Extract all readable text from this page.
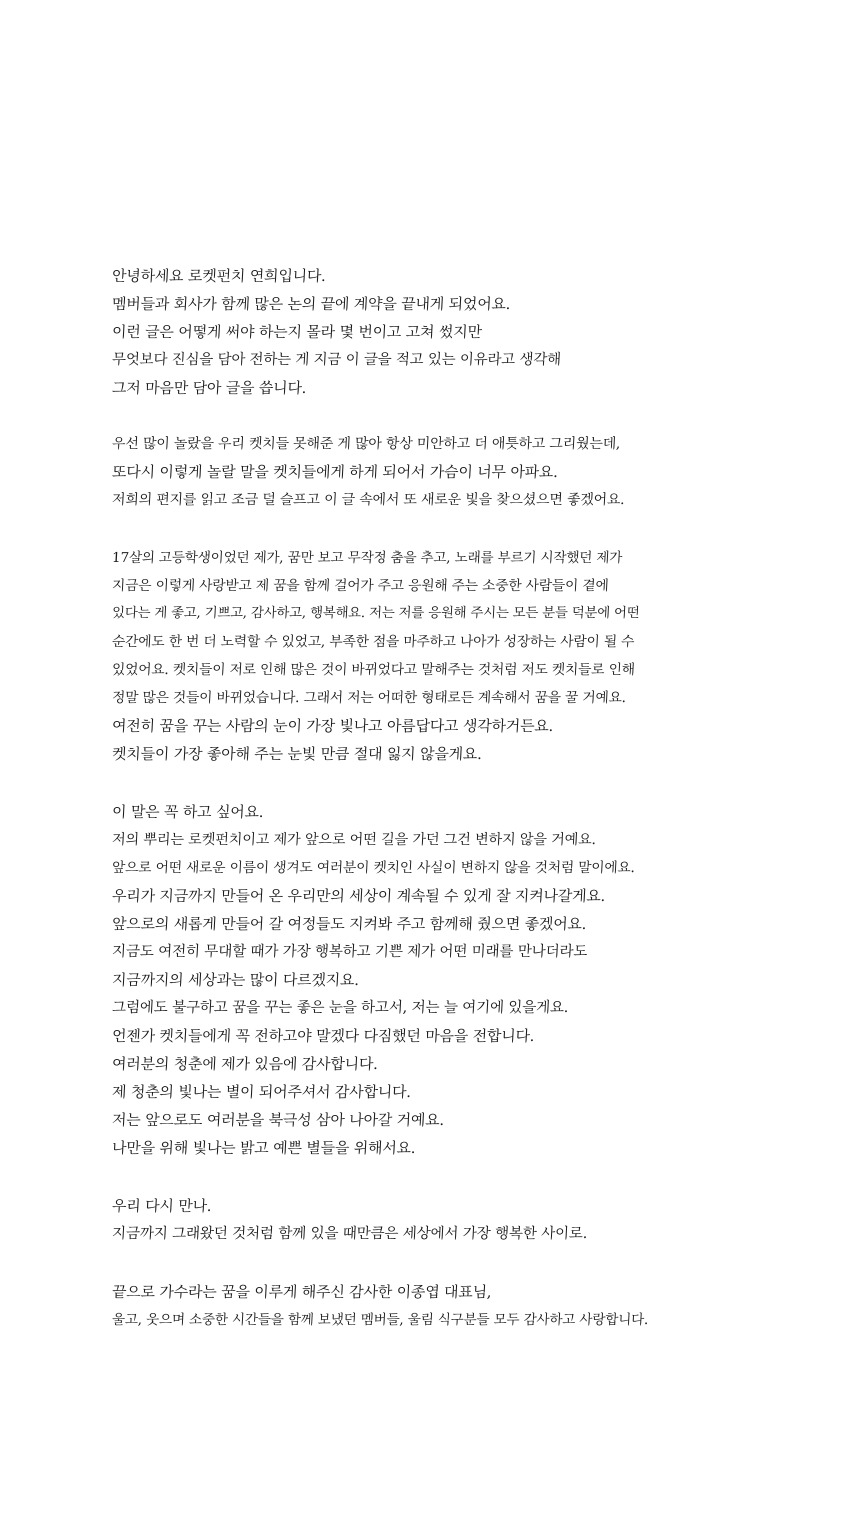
안녕하세요 로켓펀치 연희입니다.
멤버들과 회사가 함께 많은 논의 끝에 계약을 끝내게 되었어요.
이런 글은 어떻게 써야 하는지 몰라 몇 번이고 고쳐 썼지만
무엇보다 진심을 담아 전하는 게 지금 이 글을 적고 있는 이유라고 생각해
그저 마음만 담아 글을 씁니다.
우선 많이 놀랐을 우리 켓치들 못해준 게 많아 항상 미안하고 더 애틋하고 그리웠는데,
또다시 이렇게 놀랄 말을 켓치들에게 하게 되어서 가슴이 너무 아파요.
저희의 편지를 읽고 조금 덜 슬프고 이 글 속에서 또 새로운 빛을 찾으셨으면 좋겠어요.
17살의 고등학생이었던 제가, 꿈만 보고 무작정 춤을 추고, 노래를 부르기 시작했던 제가
지금은 이렇게 사랑받고 제 꿈을 함께 걸어가 주고 응원해 주는 소중한 사람들이 곁에
있다는 게 좋고, 기쁘고, 감사하고, 행복해요. 저는 저를 응원해 주시는 모든 분들 덕분에 어떤
순간에도 한 번 더 노력할 수 있었고, 부족한 점을 마주하고 나아가 성장하는 사람이 될 수
있었어요. 켓치들이 저로 인해 많은 것이 바뀌었다고 말해주는 것처럼 저도 켓치들로 인해
정말 많은 것들이 바뀌었습니다. 그래서 저는 어떠한 형태로든 계속해서 꿈을 꿀 거예요.
여전히 꿈을 꾸는 사람의 눈이 가장 빛나고 아름답다고 생각하거든요.
켓치들이 가장 좋아해 주는 눈빛 만큼 절대 잃지 않을게요.
이 말은 꼭 하고 싶어요.
저의 뿌리는 로켓펀치이고 제가 앞으로 어떤 길을 가던 그건 변하지 않을 거예요.
앞으로 어떤 새로운 이름이 생겨도 여러분이 켓치인 사실이 변하지 않을 것처럼 말이에요.
우리가 지금까지 만들어 온 우리만의 세상이 계속될 수 있게 잘 지켜나갈게요.
앞으로의 새롭게 만들어 갈 여정들도 지켜봐 주고 함께해 줬으면 좋겠어요.
지금도 여전히 무대할 때가 가장 행복하고 기쁜 제가 어떤 미래를 만나더라도
지금까지의 세상과는 많이 다르겠지요.
그럼에도 불구하고 꿈을 꾸는 좋은 눈을 하고서, 저는 늘 여기에 있을게요.
언젠가 켓치들에게 꼭 전하고야 말겠다 다짐했던 마음을 전합니다.
여러분의 청춘에 제가 있음에 감사합니다.
제 청춘의 빛나는 별이 되어주셔서 감사합니다.
저는 앞으로도 여러분을 북극성 삼아 나아갈 거예요.
나만을 위해 빛나는 밝고 예쁜 별들을 위해서요.
우리 다시 만나.
지금까지 그래왔던 것처럼 함께 있을 때만큼은 세상에서 가장 행복한 사이로.
끝으로 가수라는 꿈을 이루게 해주신 감사한 이종엽 대표님,
울고, 웃으며 소중한 시간들을 함께 보냈던 멤버들, 울림 식구분들 모두 감사하고 사랑합니다.
